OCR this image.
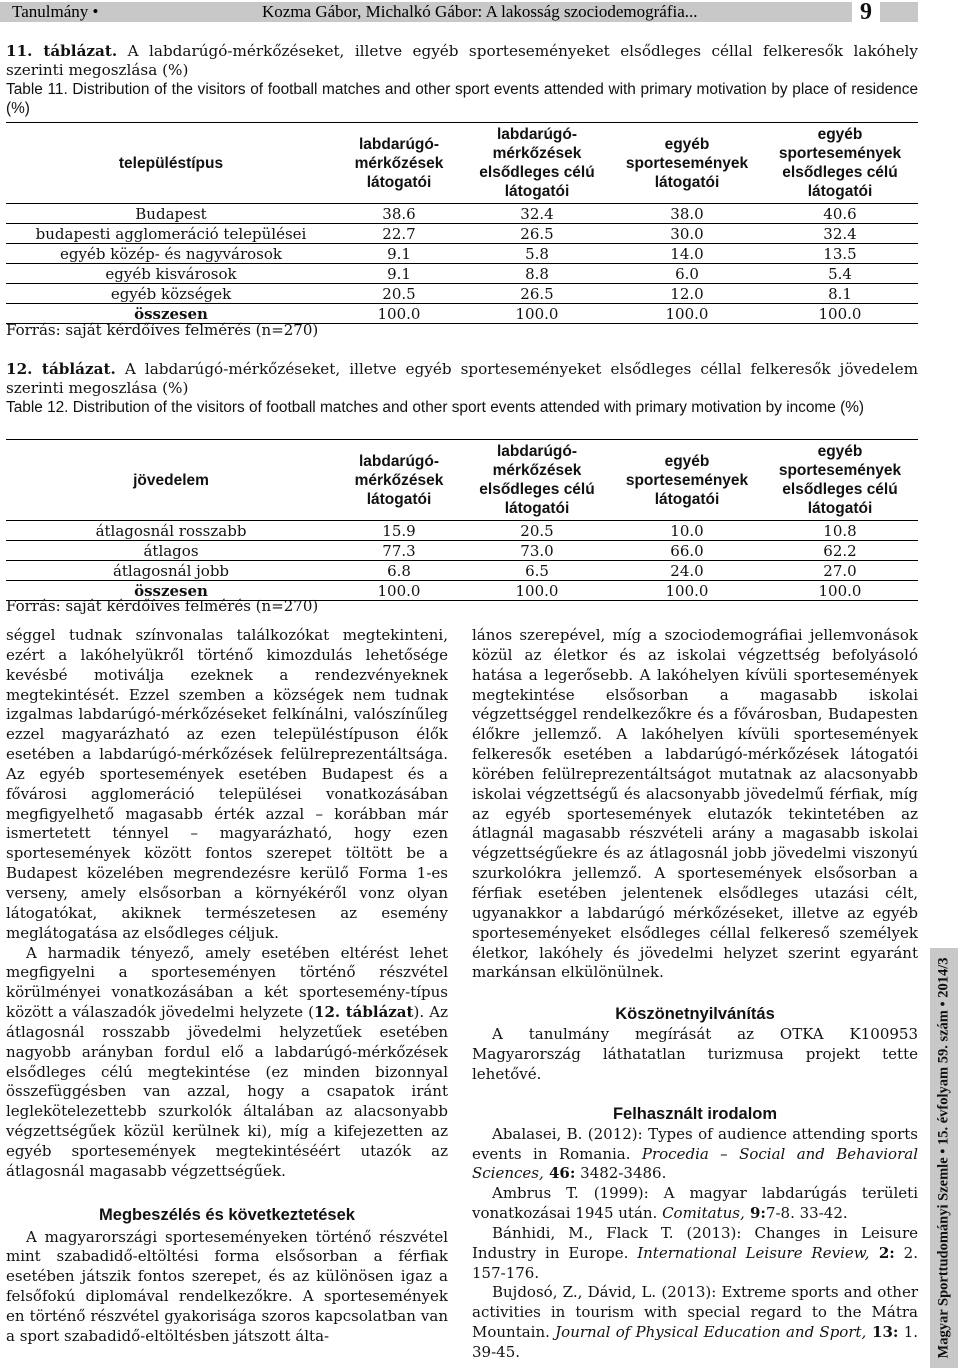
Tanulmány •	Kozma Gábor, Michalkó Gábor: A lakosság szociodemográfia...	9
11. táblázat. A labdarúgó-mérkőzéseket, illetve egyéb sporteseményeket elsődleges céllal felkeresők lakóhely szerinti megoszlása (%)
Table 11. Distribution of the visitors of football matches and other sport events attended with primary motivation by place of residence (%)
településtípus	labdarúgó-mérkőzések látogatói	labdarúgó-mérkőzések elsődleges célú látogatói	egyéb sportesemények látogatói	egyéb sportesemények elsődleges célú látogatói
Budapest	38.6	32.4	38.0	40.6
budapesti agglomeráció települései	22.7	26.5	30.0	32.4
egyéb közép- és nagyvárosok	9.1	5.8	14.0	13.5
egyéb kisvárosok	9.1	8.8	6.0	5.4
egyéb községek	20.5	26.5	12.0	8.1
összesen	100.0	100.0	100.0	100.0
Forrás: saját kérdőíves felmérés (n=270)
12. táblázat. A labdarúgó-mérkőzéseket, illetve egyéb sporteseményeket elsődleges céllal felkeresők jövedelem szerinti megoszlása (%)
Table 12. Distribution of the visitors of football matches and other sport events attended with primary motivation by income (%)
jövedelem	labdarúgó-mérkőzések látogatói	labdarúgó-mérkőzések elsődleges célú látogatói	egyéb sportesemények látogatói	egyéb sportesemények elsődleges célú látogatói
átlagosnál rosszabb	15.9	20.5	10.0	10.8
átlagos	77.3	73.0	66.0	62.2
átlagosnál jobb	6.8	6.5	24.0	27.0
összesen	100.0	100.0	100.0	100.0
Forrás: saját kérdőíves felmérés (n=270)

séggel tudnak színvonalas találkozókat megtekinteni, ezért a lakóhelyükről történő kimozdulás lehetősége kevésbé motiválja ezeknek a rendezvényeknek megtekintését. Ezzel szemben a községek nem tudnak izgalmas labdarúgó-mérkőzéseket felkínálni, valószínűleg ezzel magyarázható az ezen településtípuson élők esetében a labdarúgó-mérkőzések felülreprezentáltsága. Az egyéb sportesemények esetében Budapest és a fővárosi agglomeráció települései vonatkozásában megfigyelhető magasabb érték azzal – korábban már ismertetett ténnyel – magyarázható, hogy ezen sportesemények között fontos szerepet töltött be a Budapest közelében megrendezésre kerülő Forma 1-es verseny, amely elsősorban a környékéről vonz olyan látogatókat, akiknek természetesen az esemény meglátogatása az elsődleges céljuk.

A harmadik tényező, amely esetében eltérést lehet megfigyelni a sporteseményen történő részvétel körülményei vonatkozásában a két sportesemény-típus között a válaszadók jövedelmi helyzete (12. táblázat). Az átlagosnál rosszabb jövedelmi helyzetűek esetében nagyobb arányban fordul elő a labdarúgó-mérkőzések elsődleges célú megtekintése (ez minden bizonnyal összefüggésben van azzal, hogy a csapatok iránt leglekötelezettebb szurkolók általában az alacsonyabb végzettségűek közül kerülnek ki), míg a kifejezetten az egyéb sportesemények megtekintéséért utazók az átlagosnál magasabb végzettségűek.

Megbeszélés és következtetések

A magyarországi sporteseményeken történő részvétel mint szabadidő-eltöltési forma elsősorban a férfiak esetében játszik fontos szerepet, és az különösen igaz a felsőfokú diplomával rendelkezőkre. A sportesemények en történő részvétel gyakorisága szoros kapcsolatban van a sport szabadidő-eltöltésben játszott álta-

lános szerepével, míg a szociodemográfiai jellemvonások közül az életkor és az iskolai végzettség befolyásoló hatása a legerősebb. A lakóhelyen kívüli sportesemények megtekintése elsősorban a magasabb iskolai végzettséggel rendelkezőkre és a fővárosban, Budapesten élőkre jellemző. A lakóhelyen kívüli sportesemények felkeresők esetében a labdarúgó-mérkőzések látogatói körében felülreprezentáltságot mutatnak az alacsonyabb iskolai végzettségű és alacsonyabb jövedelmű férfiak, míg az egyéb sportesemények elutazók tekintetében az átlagnál magasabb részvételi arány a magasabb iskolai végzettségűekre és az átlagosnál jobb jövedelmi viszonyú szurkolókra jellemző. A sportesemények elsősorban a férfiak esetében jelentenek elsődleges utazási célt, ugyanakkor a labdarúgó mérkőzéseket, illetve az egyéb sporteseményeket elsődleges céllal felkereső személyek életkor, lakóhely és jövedelmi helyzet szerint egyaránt markánsan elkülönülnek.

Köszönetnyilvánítás

A tanulmány megírását az OTKA K100953 Magyarország láthatatlan turizmusa projekt tette lehetővé.

Felhasznált irodalom

Abalasei, B. (2012): Types of audience attending sports events in Romania. Procedia – Social and Behavioral Sciences, 46: 3482-3486.

Ambrus T. (1999): A magyar labdarúgás területi vonatkozásai 1945 után. Comitatus, 9:7-8. 33-42.

Bánhidi, M., Flack T. (2013): Changes in Leisure Industry in Europe. International Leisure Review, 2: 2. 157-176.

Bujdosó, Z., Dávid, L. (2013): Extreme sports and other activities in tourism with special regard to the Mátra Mountain. Journal of Physical Education and Sport, 13: 1. 39-45.	Magyar Sporttudományi Szemle • 15. évfolyam 59. szám • 2014/3
